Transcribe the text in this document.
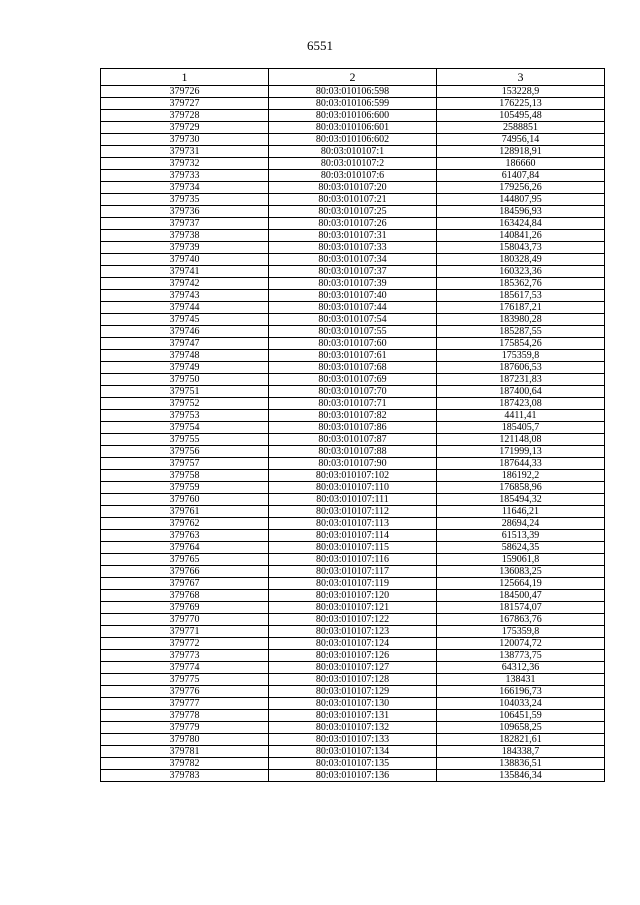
6551
1	2	3
379726	80:03:010106:598	153228,9
379727	80:03:010106:599	176225,13
379728	80:03:010106:600	105495,48
379729	80:03:010106:601	2588851
379730	80:03:010106:602	74956,14
379731	80:03:010107:1	128918,91
379732	80:03:010107:2	186660
379733	80:03:010107:6	61407,84
379734	80:03:010107:20	179256,26
379735	80:03:010107:21	144807,95
379736	80:03:010107:25	184596,93
379737	80:03:010107:26	163424,84
379738	80:03:010107:31	140841,26
379739	80:03:010107:33	158043,73
379740	80:03:010107:34	180328,49
379741	80:03:010107:37	160323,36
379742	80:03:010107:39	185362,76
379743	80:03:010107:40	185617,53
379744	80:03:010107:44	176187,21
379745	80:03:010107:54	183980,28
379746	80:03:010107:55	185287,55
379747	80:03:010107:60	175854,26
379748	80:03:010107:61	175359,8
379749	80:03:010107:68	187606,53
379750	80:03:010107:69	187231,83
379751	80:03:010107:70	187400,64
379752	80:03:010107:71	187423,08
379753	80:03:010107:82	4411,41
379754	80:03:010107:86	185405,7
379755	80:03:010107:87	121148,08
379756	80:03:010107:88	171999,13
379757	80:03:010107:90	187644,33
379758	80:03:010107:102	186192,2
379759	80:03:010107:110	176858,96
379760	80:03:010107:111	185494,32
379761	80:03:010107:112	11646,21
379762	80:03:010107:113	28694,24
379763	80:03:010107:114	61513,39
379764	80:03:010107:115	58624,35
379765	80:03:010107:116	159061,8
379766	80:03:010107:117	136083,25
379767	80:03:010107:119	125664,19
379768	80:03:010107:120	184500,47
379769	80:03:010107:121	181574,07
379770	80:03:010107:122	167863,76
379771	80:03:010107:123	175359,8
379772	80:03:010107:124	120074,72
379773	80:03:010107:126	138773,75
379774	80:03:010107:127	64312,36
379775	80:03:010107:128	138431
379776	80:03:010107:129	166196,73
379777	80:03:010107:130	104033,24
379778	80:03:010107:131	106451,59
379779	80:03:010107:132	109658,25
379780	80:03:010107:133	182821,61
379781	80:03:010107:134	184338,7
379782	80:03:010107:135	138836,51
379783	80:03:010107:136	135846,34
